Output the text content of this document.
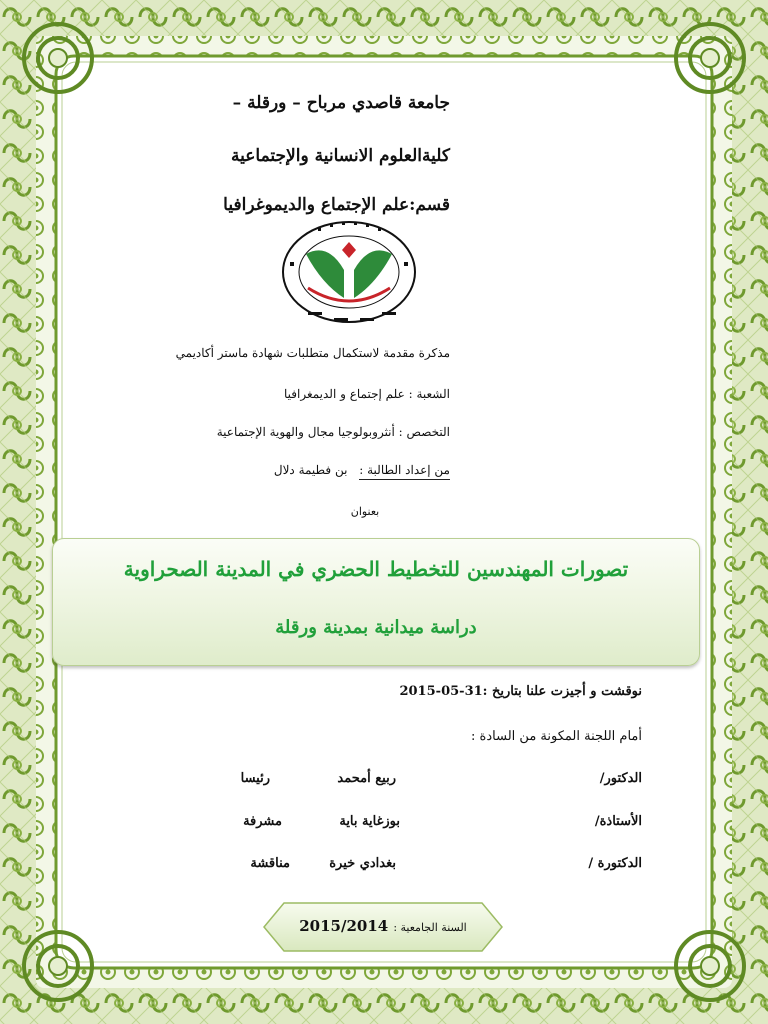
جامعة قاصدي مرباح – ورقلة –
كليةالعلوم الانسانية والإجتماعية
قسم:علم الإجتماع والديموغرافيا
مذكرة مقدمة لاستكمال متطلبات شهادة ماستر أكاديمي
الشعبة : علم إجتماع و الديمغرافيا
التخصص : أنثروبولوجيا مجال والهوية الإجتماعية
من إعداد الطالبة : بن فطيمة دلال
بعنوان
تصورات المهندسين للتخطيط الحضري في المدينة الصحراوية
دراسة ميدانية بمدينة ورقلة
نوقشت و أجيزت علنا بتاريخ :31-05-2015
أمام اللجنة المكونة من السادة :
الدكتور/
ربيع أمحمد
رئيسا
الأستاذة/
بوزغاية باية
مشرفة
الدكتورة /
بغدادي خيرة
مناقشة
السنة الجامعية : 2015/2014
